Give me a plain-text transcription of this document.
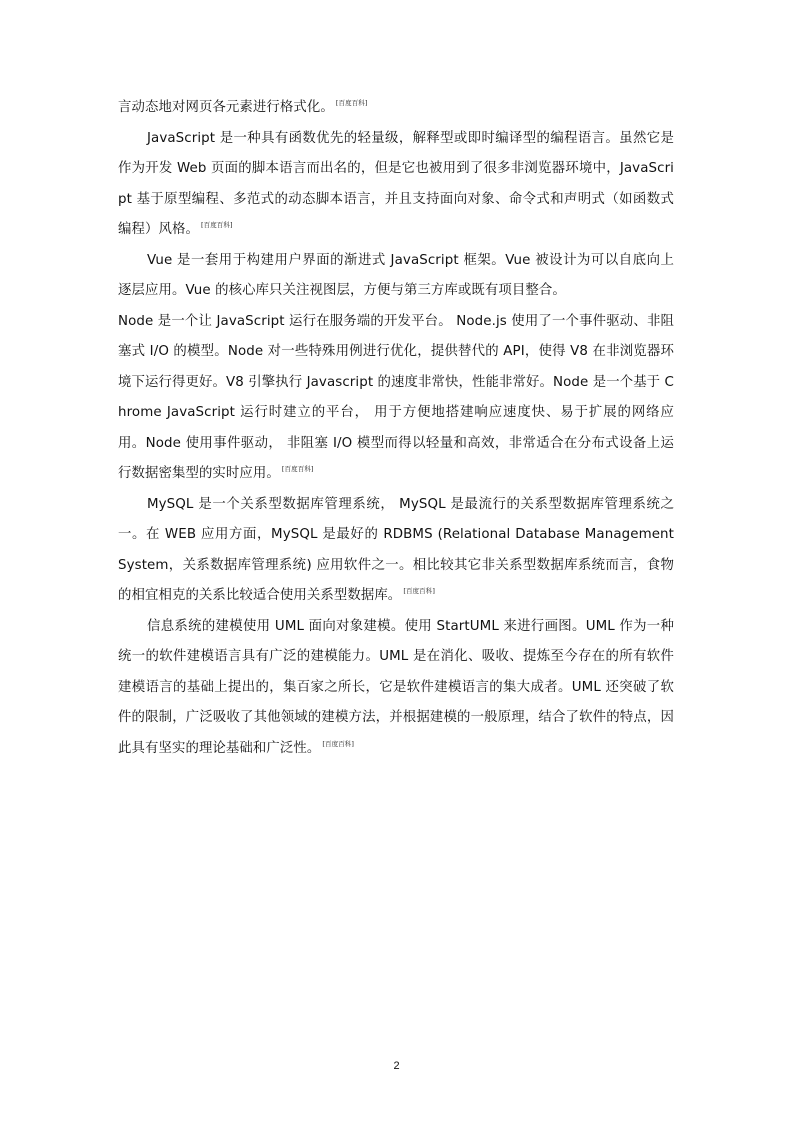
言动态地对网页各元素进行格式化。 [百度百科]

JavaScript 是一种具有函数优先的轻量级，解释型或即时编译型的编程语言。虽然它是作为开发 Web 页面的脚本语言而出名的，但是它也被用到了很多非浏览器环境中，JavaScript 基于原型编程、多范式的动态脚本语言，并且支持面向对象、命令式和声明式（如函数式编程）风格。 [百度百科]

Vue 是一套用于构建用户界面的渐进式 JavaScript 框架。Vue 被设计为可以自底向上逐层应用。Vue 的核心库只关注视图层，方便与第三方库或既有项目整合。

Node 是一个让 JavaScript 运行在服务端的开发平台。 Node.js 使用了一个事件驱动、非阻塞式 I/O 的模型。Node 对一些特殊用例进行优化，提供替代的 API，使得 V8 在非浏览器环境下运行得更好。V8 引擎执行 Javascript 的速度非常快，性能非常好。Node 是一个基于 Chrome JavaScript 运行时建立的平台， 用于方便地搭建响应速度快、易于扩展的网络应用。Node 使用事件驱动， 非阻塞 I/O 模型而得以轻量和高效，非常适合在分布式设备上运行数据密集型的实时应用。 [百度百科]

MySQL 是一个关系型数据库管理系统， MySQL 是最流行的关系型数据库管理系统之一。在 WEB 应用方面，MySQL 是最好的 RDBMS (Relational Database Management System，关系数据库管理系统) 应用软件之一。相比较其它非关系型数据库系统而言，食物的相宜相克的关系比较适合使用关系型数据库。 [百度百科]

信息系统的建模使用 UML 面向对象建模。使用 StartUML 来进行画图。UML 作为一种统一的软件建模语言具有广泛的建模能力。UML 是在消化、吸收、提炼至今存在的所有软件建模语言的基础上提出的，集百家之所长，它是软件建模语言的集大成者。UML 还突破了软件的限制，广泛吸收了其他领域的建模方法，并根据建模的一般原理，结合了软件的特点，因此具有坚实的理论基础和广泛性。 [百度百科]

2
